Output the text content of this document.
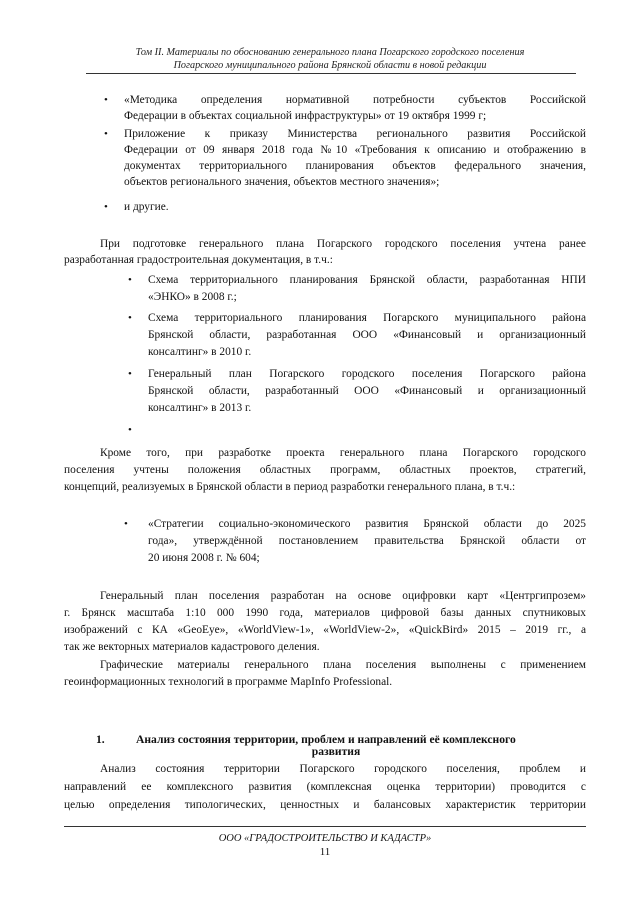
Том II. Материалы по обоснованию генерального плана Погарского городского поселения
Погарского муниципального района Брянской области в новой редакции
• «Методика определения нормативной потребности субъектов Российской

Федерации в объектах социальной инфраструктуры» от 19 октября 1999 г;

• Приложение к приказу Министерства регионального развития Российской

Федерации от 09 января 2018 года №10 «Требования к описанию и отображению в

документах территориального планирования объектов федерального значения,

объектов регионального значения, объектов местного значения»;

• и другие.

При подготовке генерального плана Погарского городского поселения учтена ранее

разработанная градостроительная документация, в т.ч.:

• Схема территориального планирования Брянской области, разработанная НПИ

«ЭНКО» в 2008 г.;

• Схема территориального планирования Погарского муниципального района

Брянской области, разработанная ООО «Финансовый и организационный

консалтинг» в 2010 г.

• Генеральный план Погарского городского поселения Погарского района

Брянской области, разработанный ООО «Финансовый и организационный

консалтинг» в 2013 г.

•

Кроме того, при разработке проекта генерального плана Погарского городского

поселения учтены положения областных программ, областных проектов, стратегий,

концепций, реализуемых в Брянской области в период разработки генерального плана, в т.ч.:

• «Стратегии социально-экономического развития Брянской области до 2025

года», утверждённой постановлением правительства Брянской области от

20 июня 2008 г. № 604;

Генеральный план поселения разработан на основе оцифровки карт «Центргипрозем»

г. Брянск масштаба 1:10 000 1990 года, материалов цифровой базы данных спутниковых

изображений с КА «GeoEye», «WorldView-1», «WorldView-2», «QuickBird» 2015 – 2019 гг., а

так же векторных материалов кадастрового деления.

Графические материалы генерального плана поселения выполнены с применением

геоинформационных технологий в программе MapInfo Professional.

1.	Анализ состояния территории, проблем и направлений её комплексного
развития

Анализ состояния территории Погарского городского поселения, проблем и

направлений ее комплексного развития (комплексная оценка территории) проводится с

целью определения типологических, ценностных и балансовых характеристик территории

ООО «ГРАДОСТРОИТЕЛЬСТВО И КАДАСТР»
11
